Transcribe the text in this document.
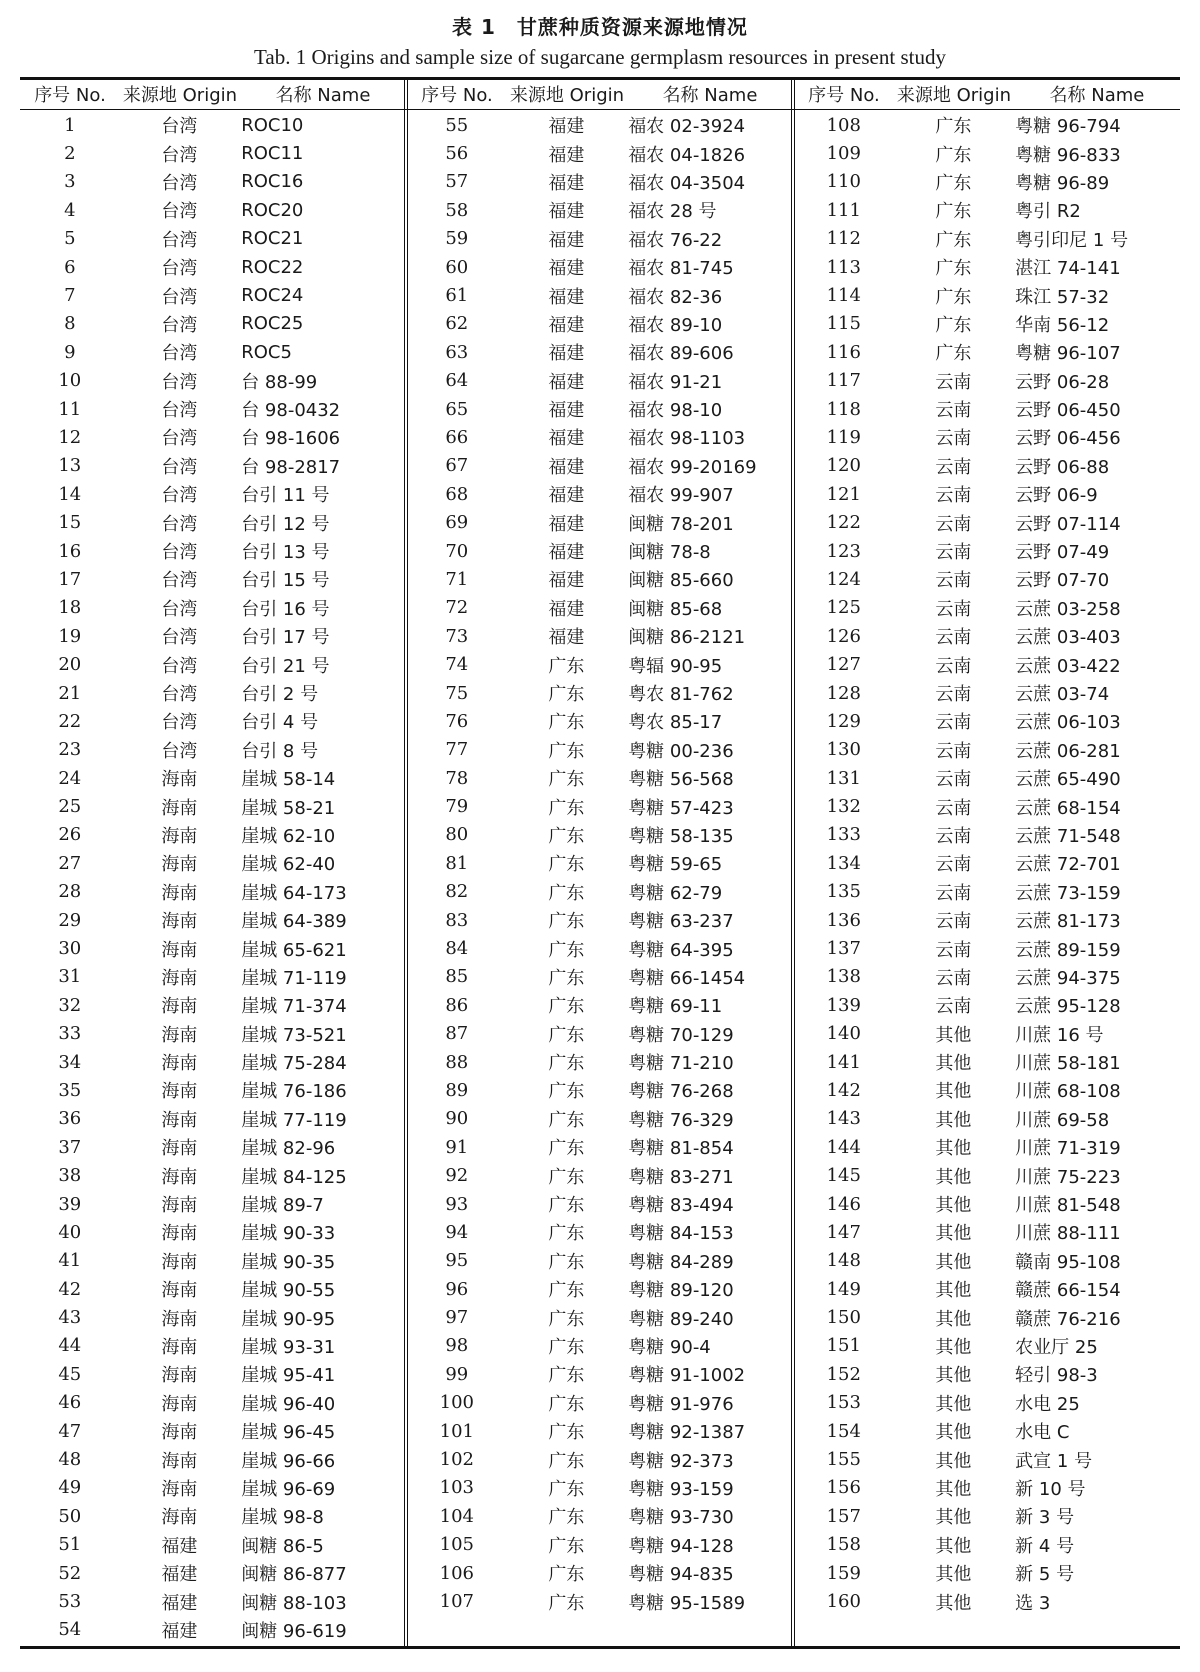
表 1　甘蔗种质资源来源地情况
Tab. 1 Origins and sample size of sugarcane germplasm resources in present study
序号 No. 来源地 Origin	名称 Name
1	台湾	ROC10
2	台湾	ROC11
3	台湾	ROC16
4	台湾	ROC20
5	台湾	ROC21
6	台湾	ROC22
7	台湾	ROC24
8	台湾	ROC25
9	台湾	ROC5
10	台湾	台 88-99
11	台湾	台 98-0432
12	台湾	台 98-1606
13	台湾	台 98-2817
14	台湾	台引 11 号
15	台湾	台引 12 号
16	台湾	台引 13 号
17	台湾	台引 15 号
18	台湾	台引 16 号
19	台湾	台引 17 号
20	台湾	台引 21 号
21	台湾	台引 2 号
22	台湾	台引 4 号
23	台湾	台引 8 号
24	海南	崖城 58-14
25	海南	崖城 58-21
26	海南	崖城 62-10
27	海南	崖城 62-40
28	海南	崖城 64-173
29	海南	崖城 64-389
30	海南	崖城 65-621
31	海南	崖城 71-119
32	海南	崖城 71-374
33	海南	崖城 73-521
34	海南	崖城 75-284
35	海南	崖城 76-186
36	海南	崖城 77-119
37	海南	崖城 82-96
38	海南	崖城 84-125
39	海南	崖城 89-7
40	海南	崖城 90-33
41	海南	崖城 90-35
42	海南	崖城 90-55
43	海南	崖城 90-95
44	海南	崖城 93-31
45	海南	崖城 95-41
46	海南	崖城 96-40
47	海南	崖城 96-45
48	海南	崖城 96-66
49	海南	崖城 96-69
50	海南	崖城 98-8
51	福建	闽糖 86-5
52	福建	闽糖 86-877
53	福建	闽糖 88-103
54	福建	闽糖 96-619
序号 No. 来源地 Origin	名称 Name
55	福建	福农 02-3924
56	福建	福农 04-1826
57	福建	福农 04-3504
58	福建	福农 28 号
59	福建	福农 76-22
60	福建	福农 81-745
61	福建	福农 82-36
62	福建	福农 89-10
63	福建	福农 89-606
64	福建	福农 91-21
65	福建	福农 98-10
66	福建	福农 98-1103
67	福建	福农 99-20169
68	福建	福农 99-907
69	福建	闽糖 78-201
70	福建	闽糖 78-8
71	福建	闽糖 85-660
72	福建	闽糖 85-68
73	福建	闽糖 86-2121
74	广东	粤辐 90-95
75	广东	粤农 81-762
76	广东	粤农 85-17
77	广东	粤糖 00-236
78	广东	粤糖 56-568
79	广东	粤糖 57-423
80	广东	粤糖 58-135
81	广东	粤糖 59-65
82	广东	粤糖 62-79
83	广东	粤糖 63-237
84	广东	粤糖 64-395
85	广东	粤糖 66-1454
86	广东	粤糖 69-11
87	广东	粤糖 70-129
88	广东	粤糖 71-210
89	广东	粤糖 76-268
90	广东	粤糖 76-329
91	广东	粤糖 81-854
92	广东	粤糖 83-271
93	广东	粤糖 83-494
94	广东	粤糖 84-153
95	广东	粤糖 84-289
96	广东	粤糖 89-120
97	广东	粤糖 89-240
98	广东	粤糖 90-4
99	广东	粤糖 91-1002
100	广东	粤糖 91-976
101	广东	粤糖 92-1387
102	广东	粤糖 92-373
103	广东	粤糖 93-159
104	广东	粤糖 93-730
105	广东	粤糖 94-128
106	广东	粤糖 94-835
107	广东	粤糖 95-1589
序号 No. 来源地 Origin	名称 Name
108	广东	粤糖 96-794
109	广东	粤糖 96-833
110	广东	粤糖 96-89
111	广东	粤引 R2
112	广东	粤引印尼 1 号
113	广东	湛江 74-141
114	广东	珠江 57-32
115	广东	华南 56-12
116	广东	粤糖 96-107
117	云南	云野 06-28
118	云南	云野 06-450
119	云南	云野 06-456
120	云南	云野 06-88
121	云南	云野 06-9
122	云南	云野 07-114
123	云南	云野 07-49
124	云南	云野 07-70
125	云南	云蔗 03-258
126	云南	云蔗 03-403
127	云南	云蔗 03-422
128	云南	云蔗 03-74
129	云南	云蔗 06-103
130	云南	云蔗 06-281
131	云南	云蔗 65-490
132	云南	云蔗 68-154
133	云南	云蔗 71-548
134	云南	云蔗 72-701
135	云南	云蔗 73-159
136	云南	云蔗 81-173
137	云南	云蔗 89-159
138	云南	云蔗 94-375
139	云南	云蔗 95-128
140	其他	川蔗 16 号
141	其他	川蔗 58-181
142	其他	川蔗 68-108
143	其他	川蔗 69-58
144	其他	川蔗 71-319
145	其他	川蔗 75-223
146	其他	川蔗 81-548
147	其他	川蔗 88-111
148	其他	赣南 95-108
149	其他	赣蔗 66-154
150	其他	赣蔗 76-216
151	其他	农业厅 25
152	其他	轻引 98-3
153	其他	水电 25
154	其他	水电 C
155	其他	武宣 1 号
156	其他	新 10 号
157	其他	新 3 号
158	其他	新 4 号
159	其他	新 5 号
160	其他	选 3
